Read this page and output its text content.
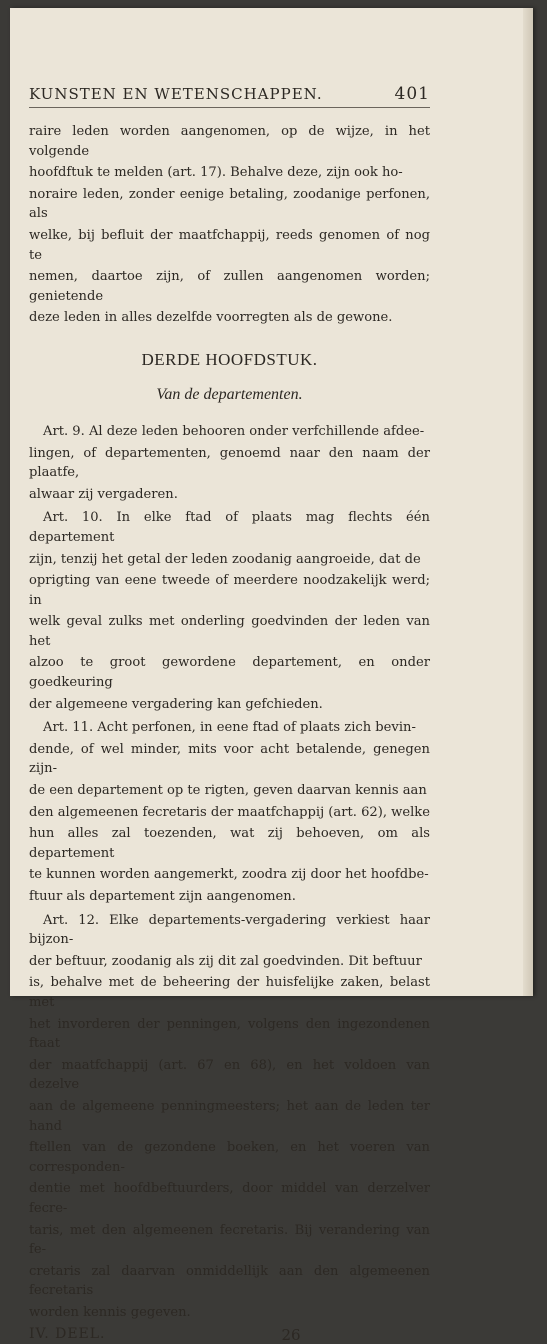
KUNSTEN EN WETENSCHAPPEN.	401
raire leden worden aangenomen, op de wijze, in het volgende
hoofdftuk te melden (art. 17). Behalve deze, zijn ook ho-
noraire leden, zonder eenige betaling, zoodanige perfonen, als
welke, bij befluit der maatfchappij, reeds genomen of nog te
nemen, daartoe zijn, of zullen aangenomen worden; genietende
deze leden in alles dezelfde voorregten als de gewone.
DERDE HOOFDSTUK.
Van de departementen.
Art. 9. Al deze leden behooren onder verfchillende afdee-
lingen, of departementen, genoemd naar den naam der plaatfe,
alwaar zij vergaderen.
Art. 10. In elke ftad of plaats mag flechts één departement
zijn, tenzij het getal der leden zoodanig aangroeide, dat de
oprigting van eene tweede of meerdere noodzakelijk werd; in
welk geval zulks met onderling goedvinden der leden van het
alzoo te groot gewordene departement, en onder goedkeuring
der algemeene vergadering kan gefchieden.
Art. 11. Acht perfonen, in eene ftad of plaats zich bevin-
dende, of wel minder, mits voor acht betalende, genegen zijn-
de een departement op te rigten, geven daarvan kennis aan
den algemeenen fecretaris der maatfchappij (art. 62), welke
hun alles zal toezenden, wat zij behoeven, om als departement
te kunnen worden aangemerkt, zoodra zij door het hoofdbe-
ftuur als departement zijn aangenomen.
Art. 12. Elke departements-vergadering verkiest haar bijzon-
der beftuur, zoodanig als zij dit zal goedvinden. Dit beftuur
is, behalve met de beheering der huisfelijke zaken, belast met
het invorderen der penningen, volgens den ingezondenen ftaat
der maatfchappij (art. 67 en 68), en het voldoen van dezelve
aan de algemeene penningmeesters; het aan de leden ter hand
ftellen van de gezondene boeken, en het voeren van corresponden-
dentie met hoofdbeftuurders, door middel van derzelver fecre-
taris, met den algemeenen fecretaris. Bij verandering van fe-
cretaris zal daarvan onmiddellijk aan den algemeenen fecretaris
worden kennis gegeven.
IV. DEEL.	26
